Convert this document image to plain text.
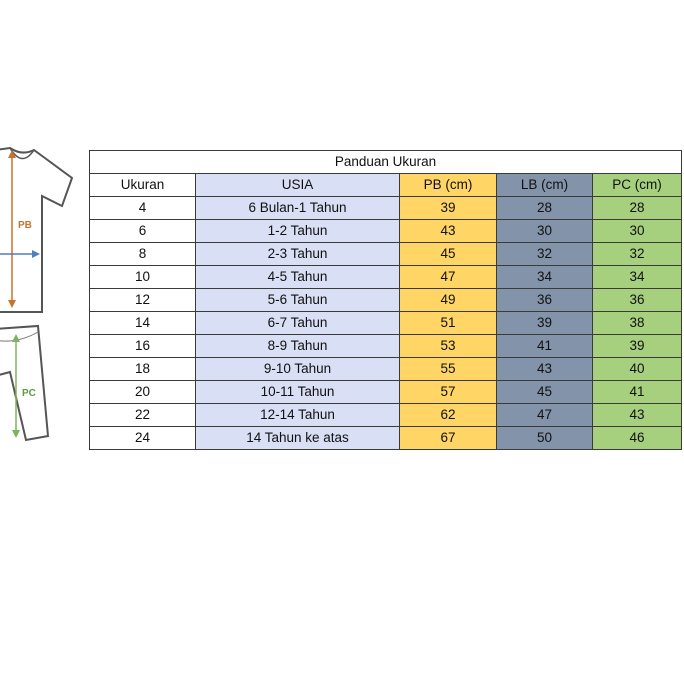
PB
PC
Panduan Ukuran				
Ukuran	USIA	PB (cm)	LB (cm)	PC (cm)
4	6 Bulan-1 Tahun	39	28	28
6	1-2 Tahun	43	30	30
8	2-3 Tahun	45	32	32
10	4-5 Tahun	47	34	34
12	5-6 Tahun	49	36	36
14	6-7 Tahun	51	39	38
16	8-9 Tahun	53	41	39
18	9-10 Tahun	55	43	40
20	10-11 Tahun	57	45	41
22	12-14 Tahun	62	47	43
24	14 Tahun ke atas	67	50	46
